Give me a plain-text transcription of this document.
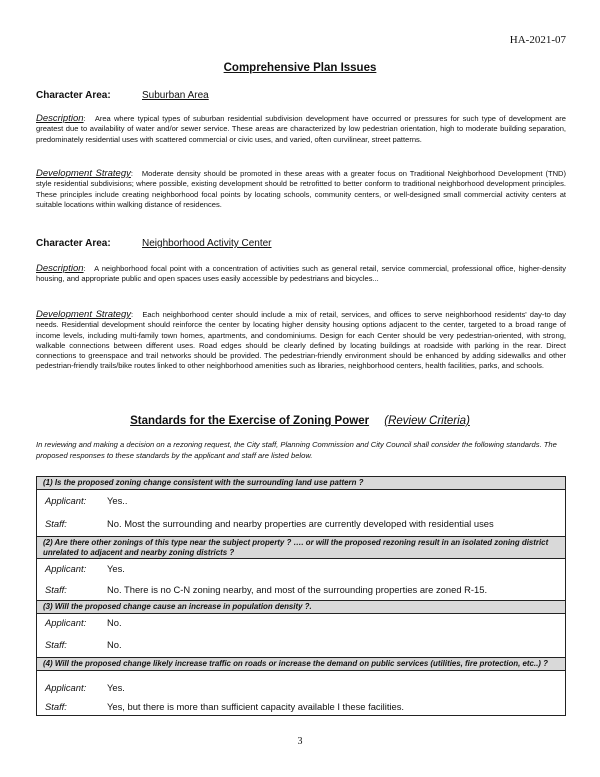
HA-2021-07
Comprehensive Plan Issues
Character Area:	Suburban Area

Description:   Area where typical types of suburban residential subdivision development have occurred or pressures for such type of development are greatest due to availability of water and/or sewer service. These areas are characterized by low pedestrian orientation, high to moderate building separation, predominately residential uses with scattered commercial or civic uses, and varied, often curvilinear, street patterns.

Development Strategy:   Moderate density should be promoted in these areas with a greater focus on Traditional Neighborhood Development (TND) style residential subdivisions; where possible, existing development should be retrofitted to better conform to traditional neighborhood development principles. These principles include creating neighborhood focal points by locating schools, community centers, or well-designed small commercial activity centers at suitable locations within walking distance of residences.

Character Area:	Neighborhood Activity Center

Description:   A neighborhood focal point with a concentration of activities such as general retail, service commercial, professional office, higher-density housing, and appropriate public and open spaces uses easily accessible by pedestrians and bicycles...

Development Strategy:   Each neighborhood center should include a mix of retail, services, and offices to serve neighborhood residents' day-to day needs. Residential development should reinforce the center by locating higher density housing options adjacent to the center, targeted to a broad range of income levels, including multi-family town homes, apartments, and condominiums. Design for each Center should be very pedestrian-oriented, with strong, walkable connections between different uses. Road edges should be clearly defined by locating buildings at roadside with parking in the rear. Direct connections to greenspace and trail networks should be provided. The pedestrian-friendly environment should be enhanced by adding sidewalks and other pedestrian-friendly trails/bike routes linked to other neighborhood amenities such as libraries, neighborhood centers, health facilities, parks, and schools.

Standards for the Exercise of Zoning Power (Review Criteria)

In reviewing and making a decision on a rezoning request, the City staff, Planning Commission and City Council shall consider the following standards. The proposed responses to these standards by the applicant and staff are listed below.

(1) Is the proposed zoning change consistent with the surrounding land use pattern ?
Applicant: Yes..
Staff:	No. Most the surrounding and nearby properties are currently developed with residential uses
(2) Are there other zonings of this type near the subject property ? …. or will the proposed rezoning result in an isolated zoning district unrelated to adjacent and nearby zoning districts ?
Applicant: Yes.
Staff:	No. There is no C-N zoning nearby, and most of the surrounding properties are zoned R-15.
(3) Will the proposed change cause an increase in population density ?.
Applicant: No.
Staff:	No.
(4) Will the proposed change likely increase traffic on roads or increase the demand on public services (utilities, fire protection, etc..) ?
Applicant: Yes.
Staff:	Yes, but there is more than sufficient capacity available I these facilities.
3
